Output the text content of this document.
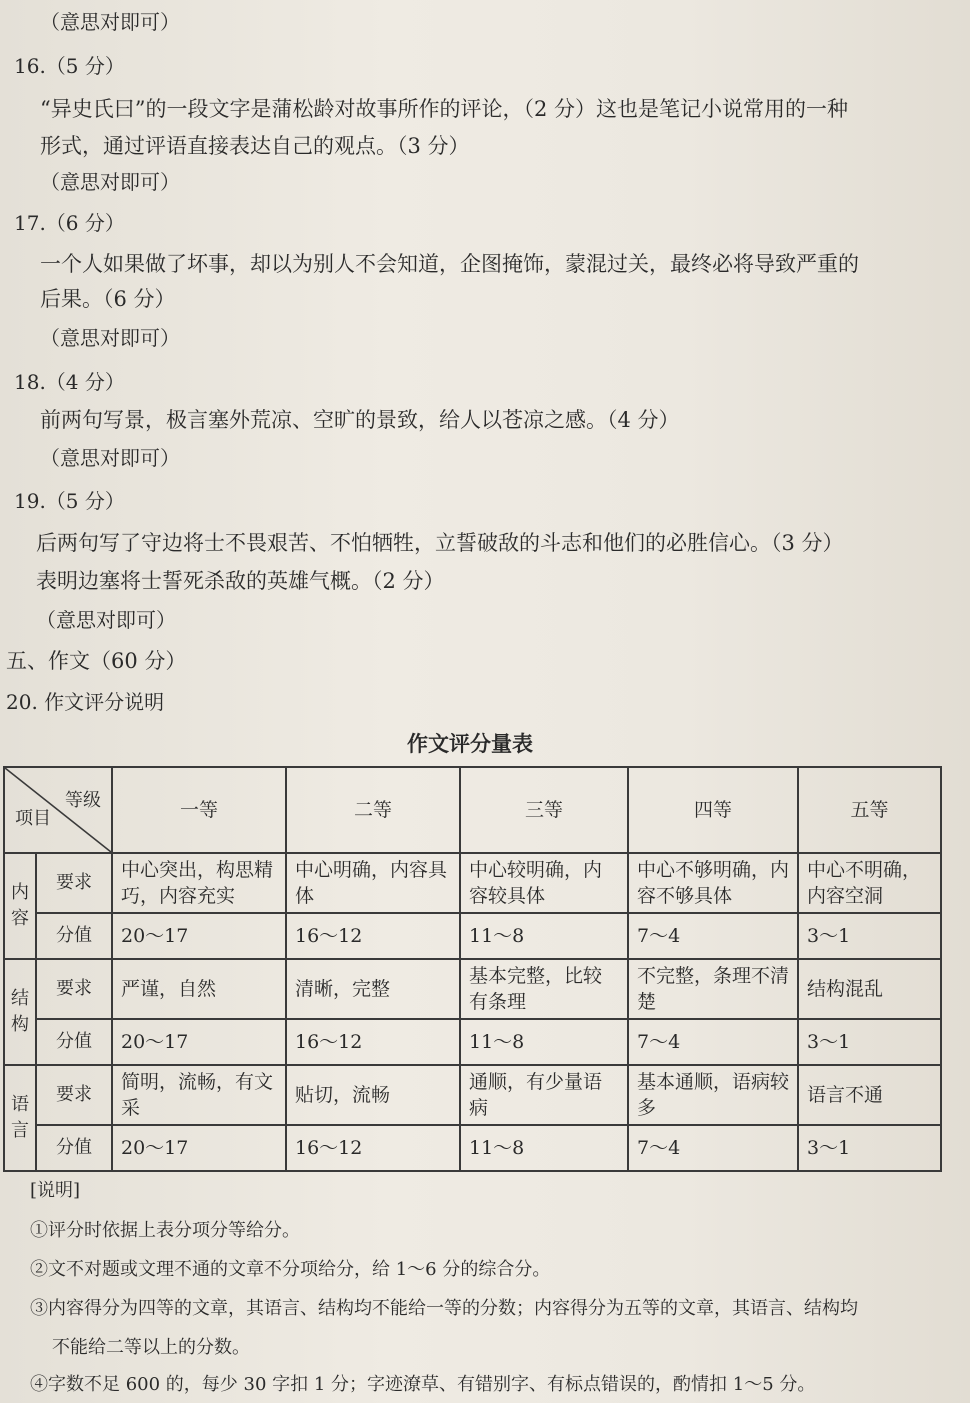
（意思对即可）
16.（5 分）
“异史氏曰”的一段文字是蒲松龄对故事所作的评论，（2 分）这也是笔记小说常用的一种
形式，通过评语直接表达自己的观点。（3 分）
（意思对即可）
17.（6 分）
一个人如果做了坏事，却以为别人不会知道，企图掩饰，蒙混过关，最终必将导致严重的
后果。（6 分）
（意思对即可）
18.（4 分）
前两句写景，极言塞外荒凉、空旷的景致，给人以苍凉之感。（4 分）
（意思对即可）
19.（5 分）
后两句写了守边将士不畏艰苦、不怕牺牲，立誓破敌的斗志和他们的必胜信心。（3 分）
表明边塞将士誓死杀敌的英雄气概。（2 分）
（意思对即可）
五、作文（60 分）
20. 作文评分说明
作文评分量表
等级
项目		一等	二等	三等	四等	五等
内容	要求	中心突出，构思精巧，内容充实	中心明确，内容具体	中心较明确，内容较具体	中心不够明确，内容不够具体	中心不明确，内容空洞
	分值	20～17	16～12	11～8	7～4	3～1
结构	要求	严谨，自然	清晰，完整	基本完整，比较有条理	不完整，条理不清楚	结构混乱
	分值	20～17	16～12	11～8	7～4	3～1
语言	要求	简明，流畅，有文采	贴切，流畅	通顺，有少量语病	基本通顺，语病较多	语言不通
	分值	20～17	16～12	11～8	7～4	3～1
[说明]
①评分时依据上表分项分等给分。
②文不对题或文理不通的文章不分项给分，给 1～6 分的综合分。
③内容得分为四等的文章，其语言、结构均不能给一等的分数；内容得分为五等的文章，其语言、结构均
不能给二等以上的分数。
④字数不足 600 的，每少 30 字扣 1 分；字迹潦草、有错别字、有标点错误的，酌情扣 1～5 分。
